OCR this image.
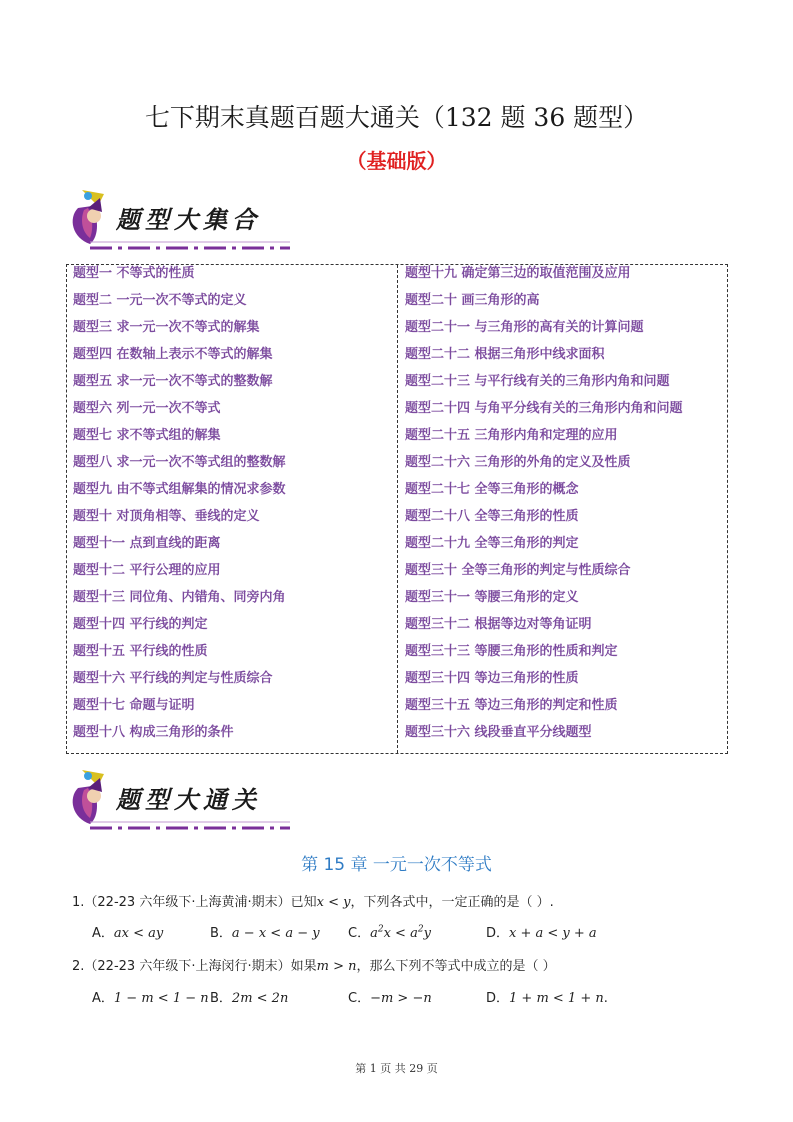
七下期末真题百题大通关（132 题 36 题型）
（基础版）
题型大集合
题型一 不等式的性质
题型二 一元一次不等式的定义
题型三 求一元一次不等式的解集
题型四 在数轴上表示不等式的解集
题型五 求一元一次不等式的整数解
题型六 列一元一次不等式
题型七 求不等式组的解集
题型八 求一元一次不等式组的整数解
题型九 由不等式组解集的情况求参数
题型十 对顶角相等、垂线的定义
题型十一 点到直线的距离
题型十二 平行公理的应用
题型十三 同位角、内错角、同旁内角
题型十四 平行线的判定
题型十五 平行线的性质
题型十六 平行线的判定与性质综合
题型十七 命题与证明
题型十八 构成三角形的条件
题型十九 确定第三边的取值范围及应用
题型二十 画三角形的高
题型二十一 与三角形的高有关的计算问题
题型二十二 根据三角形中线求面积
题型二十三 与平行线有关的三角形内角和问题
题型二十四 与角平分线有关的三角形内角和问题
题型二十五 三角形内角和定理的应用
题型二十六 三角形的外角的定义及性质
题型二十七 全等三角形的概念
题型二十八 全等三角形的性质
题型二十九 全等三角形的判定
题型三十 全等三角形的判定与性质综合
题型三十一 等腰三角形的定义
题型三十二 根据等边对等角证明
题型三十三 等腰三角形的性质和判定
题型三十四 等边三角形的性质
题型三十五 等边三角形的判定和性质
题型三十六 线段垂直平分线题型
题型大通关
第 15 章 一元一次不等式
1.（22-23 六年级下·上海黄浦·期末）已知x < y，下列各式中，一定正确的是（ ）.
A．ax < ay	B．a − x < a − y C．$a^2x < a^2y$	D．x + a < y + a
2.（22-23 六年级下·上海闵行·期末）如果m > n，那么下列不等式中成立的是（ ）
A．1 − m < 1 − n B．2m < 2n	C．−m > −n	D．1 + m < 1 + n.
第 1 页 共 29 页
